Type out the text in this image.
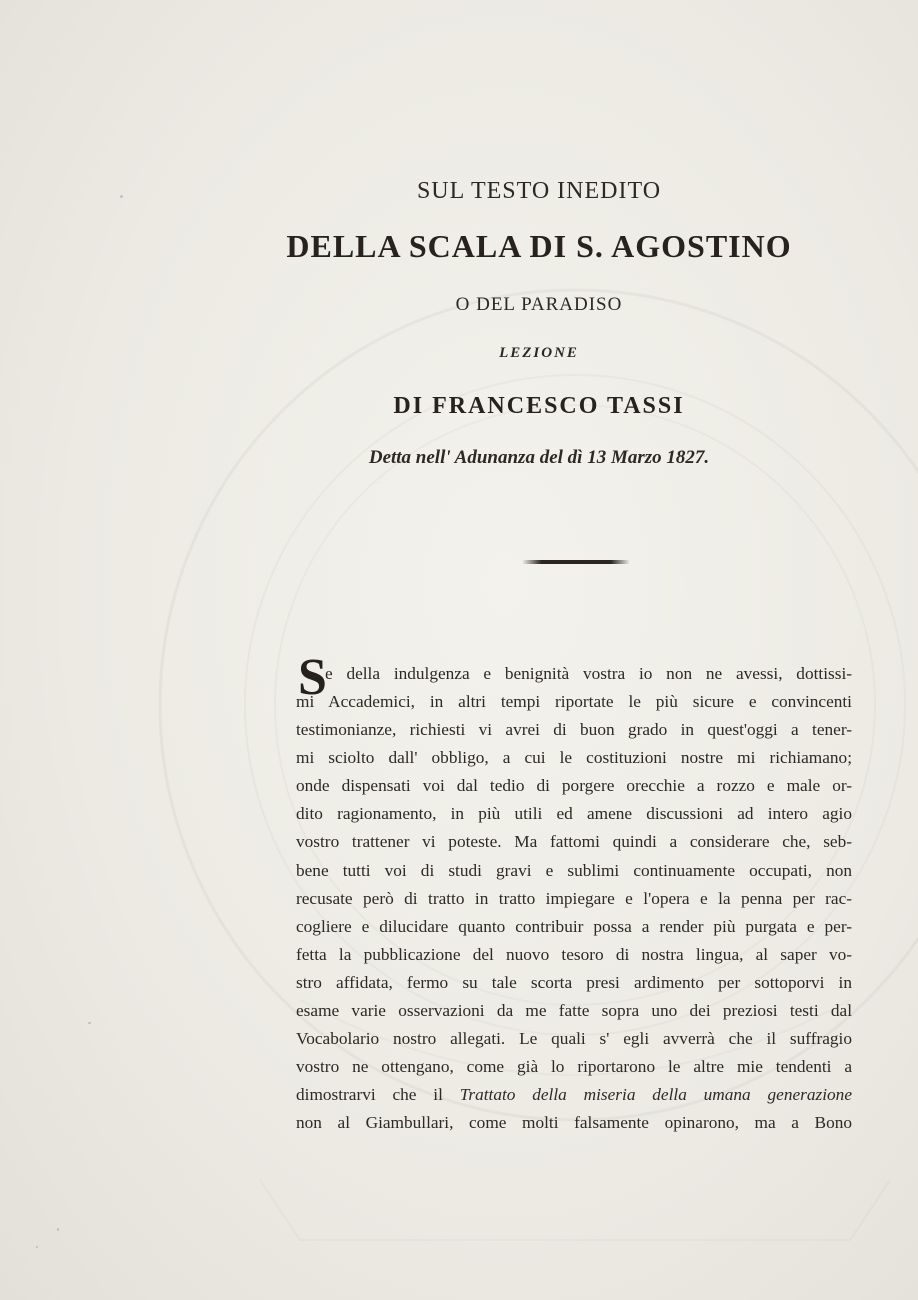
SUL TESTO INEDITO
DELLA SCALA DI S. AGOSTINO
O DEL PARADISO
LEZIONE
DI FRANCESCO TASSI
Detta nell' Adunanza del dì 13 Marzo 1827.
S
e della indulgenza e benignità vostra io non ne avessi, dottissi-
mi Accademici, in altri tempi riportate le più sicure e convincenti
testimonianze, richiesti vi avrei di buon grado in quest'oggi a tener-
mi sciolto dall' obbligo, a cui le costituzioni nostre mi richiamano;
onde dispensati voi dal tedio di porgere orecchie a rozzo e male or-
dito ragionamento, in più utili ed amene discussioni ad intero agio
vostro trattener vi poteste. Ma fattomi quindi a considerare che, seb-
bene tutti voi di studi gravi e sublimi continuamente occupati, non
recusate però di tratto in tratto impiegare e l'opera e la penna per rac-
cogliere e dilucidare quanto contribuir possa a render più purgata e per-
fetta la pubblicazione del nuovo tesoro di nostra lingua, al saper vo-
stro affidata, fermo su tale scorta presi ardimento per sottoporvi in
esame varie osservazioni da me fatte sopra uno dei preziosi testi dal
Vocabolario nostro allegati. Le quali s' egli avverrà che il suffragio
vostro ne ottengano, come già lo riportarono le altre mie tendenti a
dimostrarvi che il Trattato della miseria della umana generazione
non al Giambullari, come molti falsamente opinarono, ma a Bono
